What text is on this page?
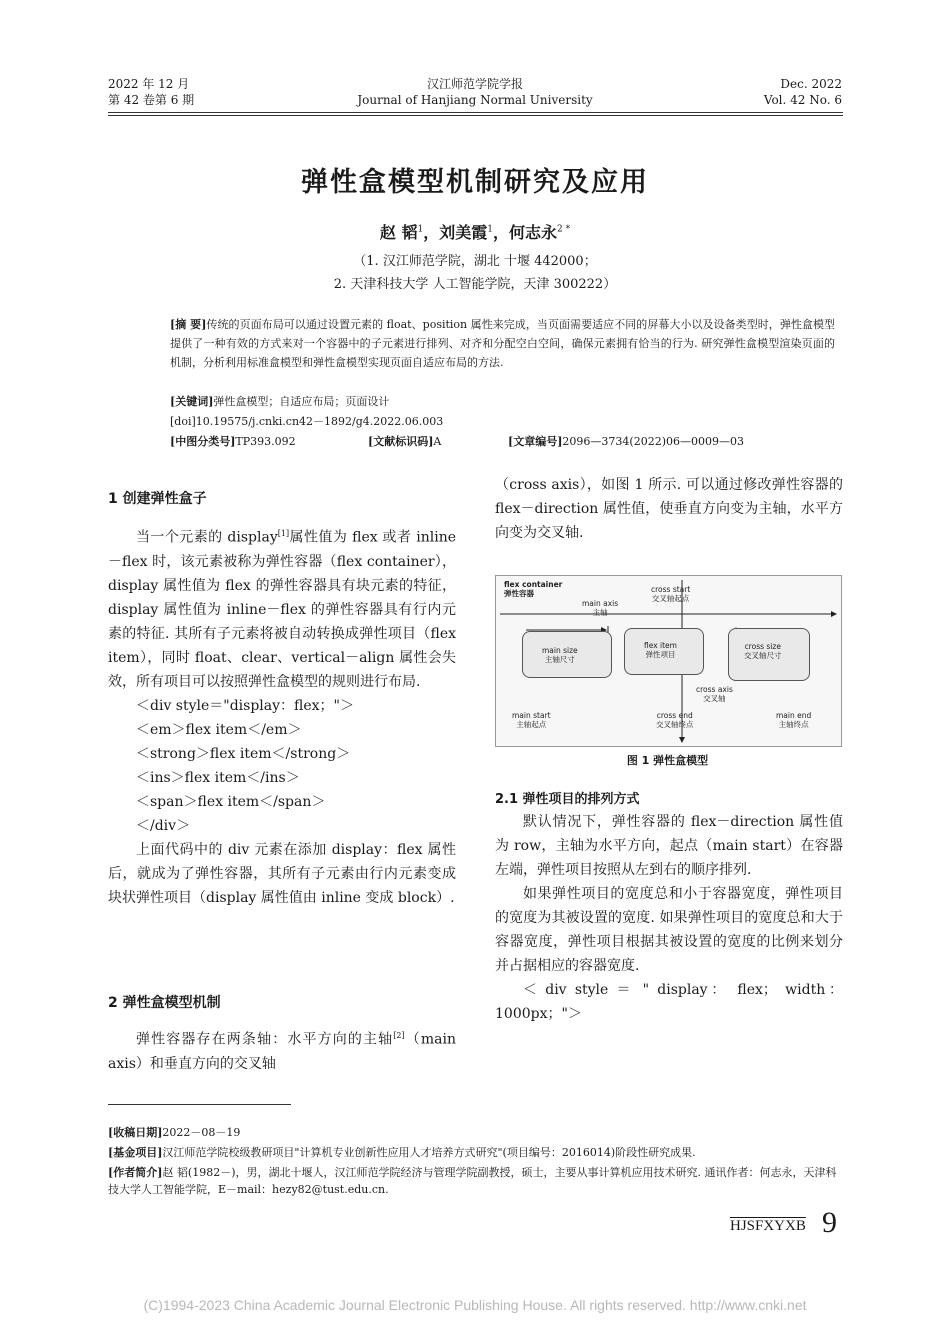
2022 年 12 月
第 42 卷第 6 期
汉江师范学院学报
Journal of Hanjiang Normal University
Dec. 2022
Vol. 42 No. 6
弹性盒模型机制研究及应用
赵 韬$^1$，刘美霞$^1$，何志永$^{2 *}$
（1. 汉江师范学院，湖北 十堰 442000；
2. 天津科技大学 人工智能学院，天津 300222）
[摘 要]传统的页面布局可以通过设置元素的 float、position 属性来完成，当页面需要适应不同的屏幕大小以及设备类型时，弹性盒模型提供了一种有效的方式来对一个容器中的子元素进行排列、对齐和分配空白空间，确保元素拥有恰当的行为. 研究弹性盒模型渲染页面的机制，分析利用标准盒模型和弹性盒模型实现页面自适应布局的方法.
[关键词]弹性盒模型；自适应布局；页面设计
[doi]10.19575/j.cnki.cn42－1892/g4.2022.06.003
[中图分类号]TP393.092	[文献标识码]A	[文章编号]2096—3734(2022)06—0009—03
1 创建弹性盒子

当一个元素的 display[1]属性值为 flex 或者 inline－flex 时，该元素被称为弹性容器（flex container），display 属性值为 flex 的弹性容器具有块元素的特征，display 属性值为 inline－flex 的弹性容器具有行内元素的特征. 其所有子元素将被自动转换成弹性项目（flex item），同时 float、clear、vertical－align 属性会失效，所有项目可以按照弹性盒模型的规则进行布局.

＜div style＝"display：flex；"＞
＜em＞flex item＜/em＞
＜strong＞flex item＜/strong＞
＜ins＞flex item＜/ins＞
＜span＞flex item＜/span＞
＜/div＞

上面代码中的 div 元素在添加 display：flex 属性后，就成为了弹性容器，其所有子元素由行内元素变成块状弹性项目（display 属性值由 inline 变成 block）.

2 弹性盒模型机制

弹性容器存在两条轴：水平方向的主轴[2]（main axis）和垂直方向的交叉轴

（cross axis），如图 1 所示. 可以通过修改弹性容器的 flex－direction 属性值，使垂直方向变为主轴，水平方向变为交叉轴.
flex container
弹性容器
main axis
主轴
cross start
交叉轴起点
main size
主轴尺寸
flex item
弹性项目
cross size
交叉轴尺寸
cross axis
交叉轴
main start
主轴起点
cross end
交叉轴终点
main end
主轴终点
图 1 弹性盒模型
2.1 弹性项目的排列方式

默认情况下，弹性容器的 flex－direction 属性值为 row，主轴为水平方向，起点（main start）在容器左端，弹性项目按照从左到右的顺序排列.

如果弹性项目的宽度总和小于容器宽度，弹性项目的宽度为其被设置的宽度. 如果弹性项目的宽度总和大于容器宽度，弹性项目根据其被设置的宽度的比例来划分并占据相应的容器宽度.

＜ div style ＝ " display： flex； width： 1000px；"＞

[收稿日期]2022－08－19
[基金项目]汉江师范学院校级教研项目"计算机专业创新性应用人才培养方式研究"(项目编号：2016014)阶段性研究成果.
[作者简介]赵 韬(1982－)，男，湖北十堰人，汉江师范学院经济与管理学院副教授，硕士，主要从事计算机应用技术研究. 通讯作者：何志永，天津科技大学人工智能学院，E－mail：hezy82@tust.edu.cn.
HJSFXYXB 9
(C)1994-2023 China Academic Journal Electronic Publishing House. All rights reserved. http://www.cnki.net
